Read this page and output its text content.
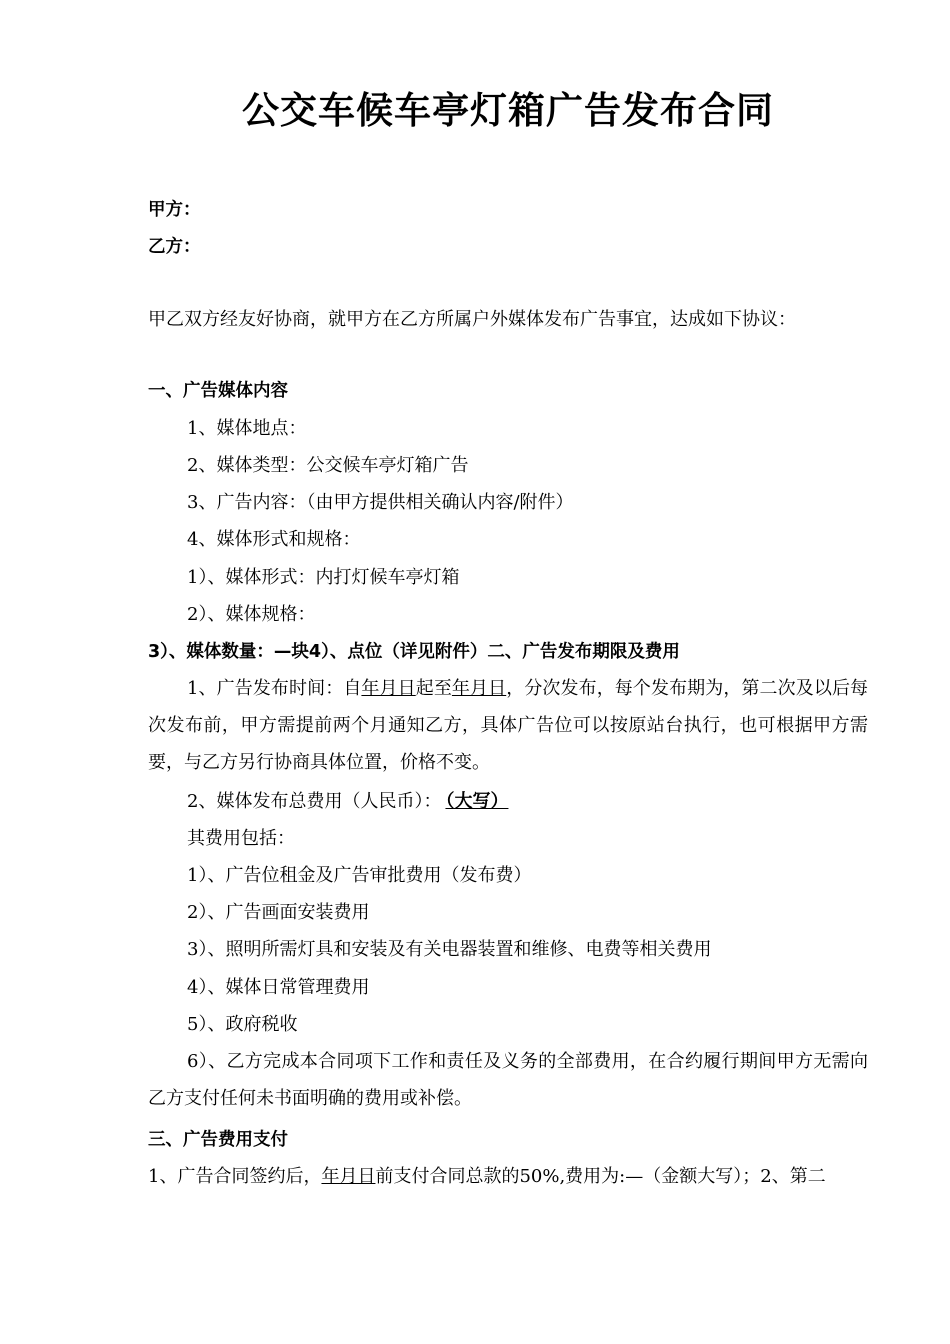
公交车候车亭灯箱广告发布合同

甲方：

乙方：

甲乙双方经友好协商，就甲方在乙方所属户外媒体发布广告事宜，达成如下协议：

一、广告媒体内容

1、媒体地点：

2、媒体类型：公交候车亭灯箱广告

3、广告内容：（由甲方提供相关确认内容/附件）

4、媒体形式和规格：

1）、媒体形式：内打灯候车亭灯箱

2）、媒体规格：

3）、媒体数量：—块4）、点位（详见附件）二、广告发布期限及费用

1、广告发布时间：自年月日起至年月日，分次发布，每个发布期为，第二次及以后每次发布前，甲方需提前两个月通知乙方，具体广告位可以按原站台执行，也可根据甲方需要，与乙方另行协商具体位置，价格不变。

2、媒体发布总费用（人民币）： （大写）

其费用包括：

1）、广告位租金及广告审批费用（发布费）

2）、广告画面安装费用

3）、照明所需灯具和安装及有关电器装置和维修、电费等相关费用

4）、媒体日常管理费用

5）、政府税收

6）、乙方完成本合同项下工作和责任及义务的全部费用，在合约履行期间甲方无需向乙方支付任何未书面明确的费用或补偿。

三、广告费用支付

1、广告合同签约后，年月日前支付合同总款的50%,费用为:—（金额大写）；2、第二
